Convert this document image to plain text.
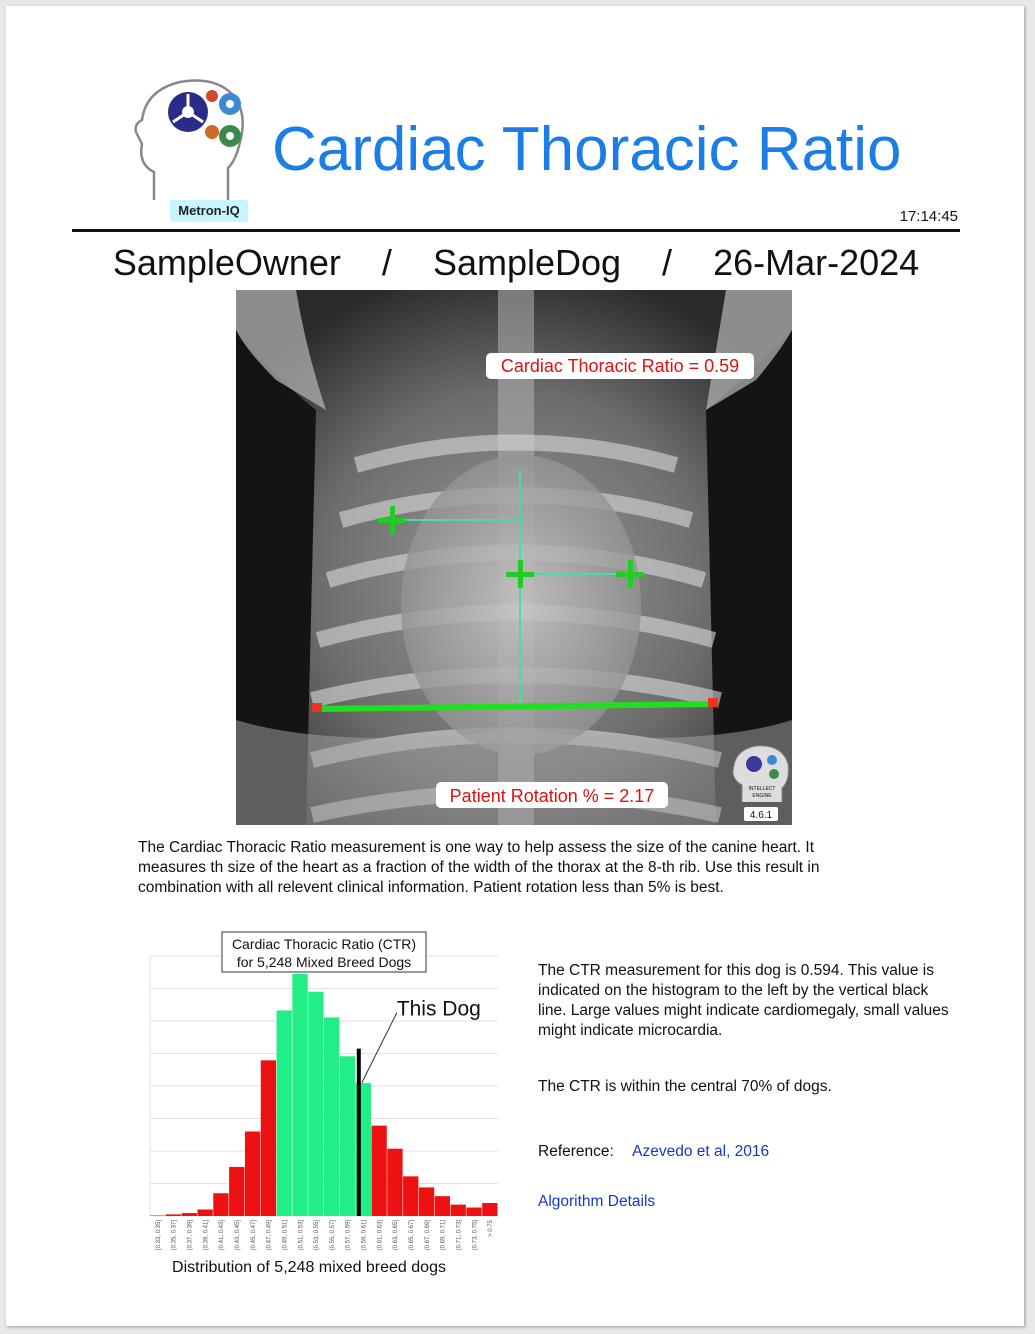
Metron-IQ
Cardiac Thoracic Ratio
17:14:45
SampleOwner / SampleDog / 26-Mar-2024
Cardiac Thoracic Ratio = 0.59
Patient Rotation % = 2.17	INTELLECT
ENGINE
4.6.1
The Cardiac Thoracic Ratio measurement is one way to help assess the size of the canine heart. It measures th size of the heart as a fraction of the width of the thorax at the 8-th rib. Use this result in combination with all relevent clinical information. Patient rotation less than 5% is best.
[0.33, 0.35] (0.35, 0.37] (0.37, 0.39] (0.39, 0.41] (0.41, 0.43] (0.43, 0.45] (0.45, 0.47] (0.47, 0.49] (0.49, 0.51] (0.51, 0.53] (0.53, 0.55] (0.55, 0.57] (0.57, 0.59] (0.59, 0.61] (0.61, 0.63] (0.63, 0.65] (0.65, 0.67] (0.67, 0.69] (0.69, 0.71] (0.71, 0.73] (0.73, 0.75] > 0.75
Cardiac Thoracic Ratio (CTR)
for 5,248 Mixed Breed Dogs
This Dog
Distribution of 5,248 mixed breed dogs

The CTR measurement for this dog is 0.594. This value is indicated on the histogram to the left by the vertical black line. Large values might indicate cardiomegaly, small values might indicate microcardia.

The CTR is within the central 70% of dogs.

Reference: Azevedo et al, 2016

Algorithm Details
